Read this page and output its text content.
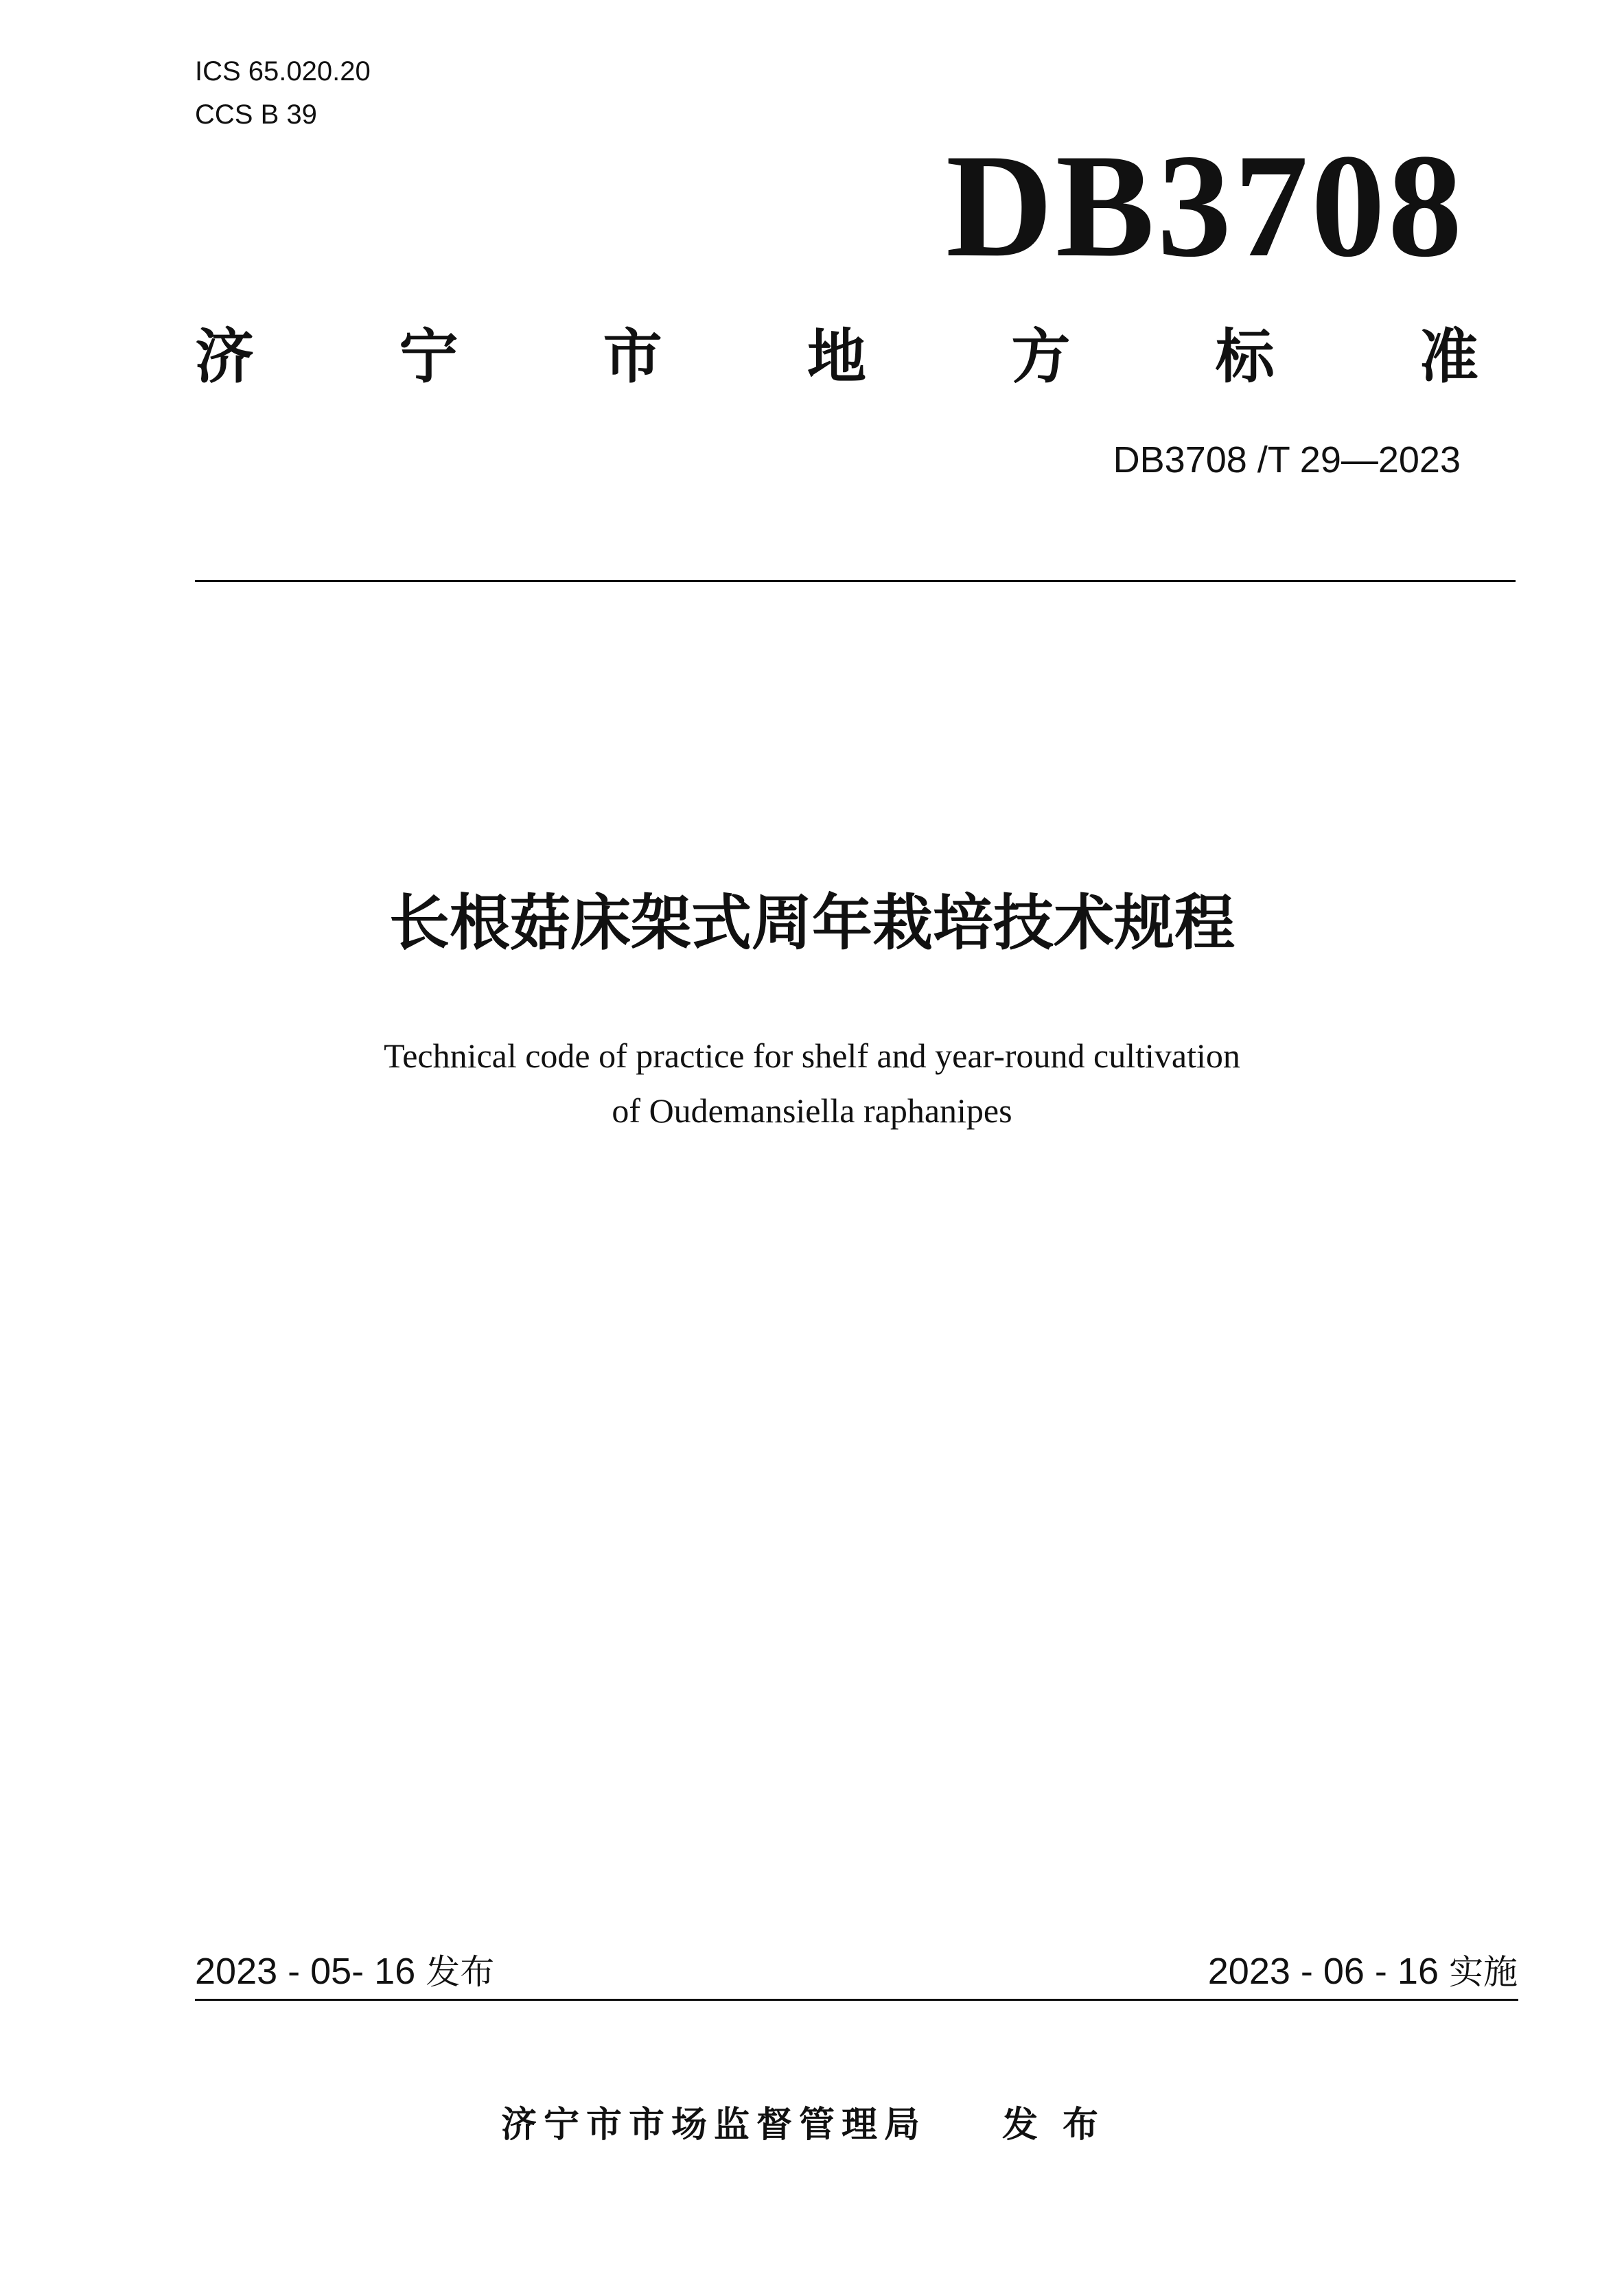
ICS 65.020.20
CCS B 39
DB3708
济 宁 市 地 方 标 准
DB3708 /T 29—2023
长根菇床架式周年栽培技术规程
Technical code of practice for shelf and year-round cultivation
of Oudemansiella raphanipes
2023 - 05- 16 发布	2023 - 06 - 16 实施
济宁市市场监督管理局 发布
